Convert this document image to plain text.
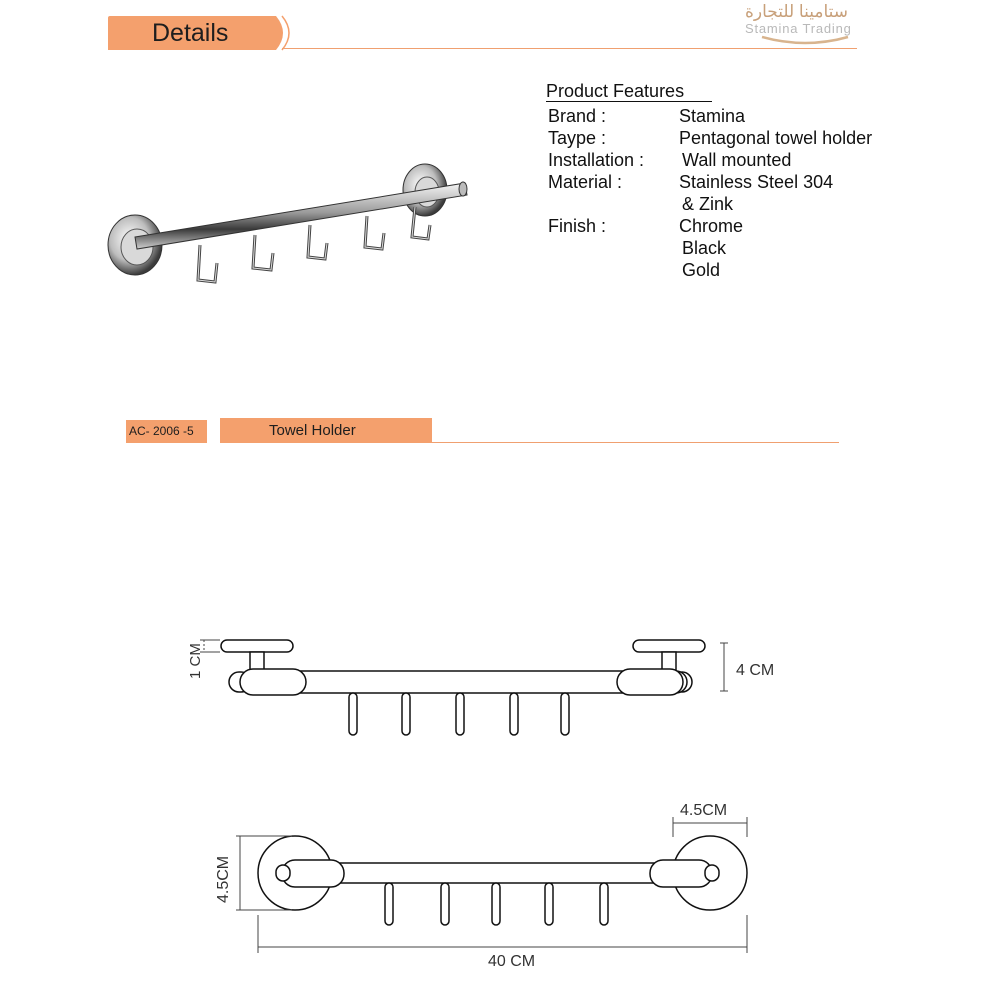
Details
ستامينا للتجارة
Stamina Trading
Product Features
Brand :	Stamina
Taype :	Pentagonal towel holder
Installation : Wall mounted
Material :	Stainless Steel 304
& Zink
Finish :	Chrome
Black
Gold
AC- 2006 -5	Towel Holder
1 CM	4 CM
4.5CM
4.5CM
40 CM
